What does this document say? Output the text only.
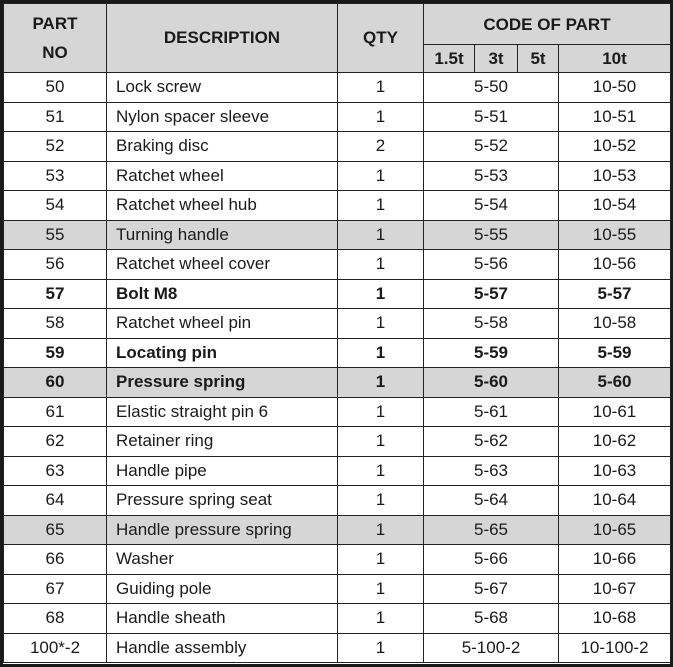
PART
NO	DESCRIPTION	QTY	CODE OF PART			
			1.5t	3t	5t	10t
50	Lock screw	1	5-50			10-50
51	Nylon spacer sleeve	1	5-51			10-51
52	Braking disc	2	5-52			10-52
53	Ratchet wheel	1	5-53			10-53
54	Ratchet wheel hub	1	5-54			10-54
55	Turning handle	1	5-55			10-55
56	Ratchet wheel cover	1	5-56			10-56
57	Bolt M8	1	5-57			5-57
58	Ratchet wheel pin	1	5-58			10-58
59	Locating pin	1	5-59			5-59
60	Pressure spring	1	5-60			5-60
61	Elastic straight pin 6	1	5-61			10-61
62	Retainer ring	1	5-62			10-62
63	Handle pipe	1	5-63			10-63
64	Pressure spring seat	1	5-64			10-64
65	Handle pressure spring	1	5-65			10-65
66	Washer	1	5-66			10-66
67	Guiding pole	1	5-67			10-67
68	Handle sheath	1	5-68			10-68
100*-2	Handle assembly	1	5-100-2			10-100-2
